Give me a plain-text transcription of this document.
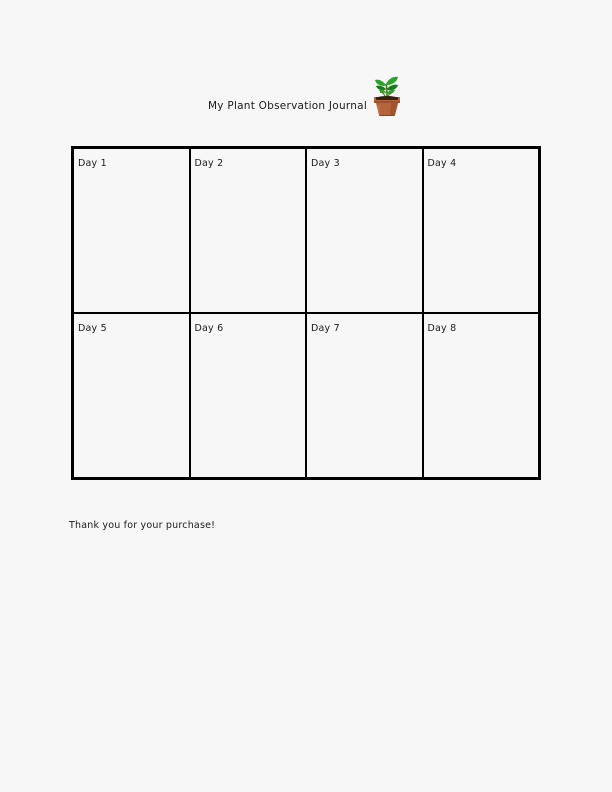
My Plant Observation Journal
Day 1	Day 2	Day 3	Day 4
Day 5	Day 6	Day 7	Day 8
Thank you for your purchase!
